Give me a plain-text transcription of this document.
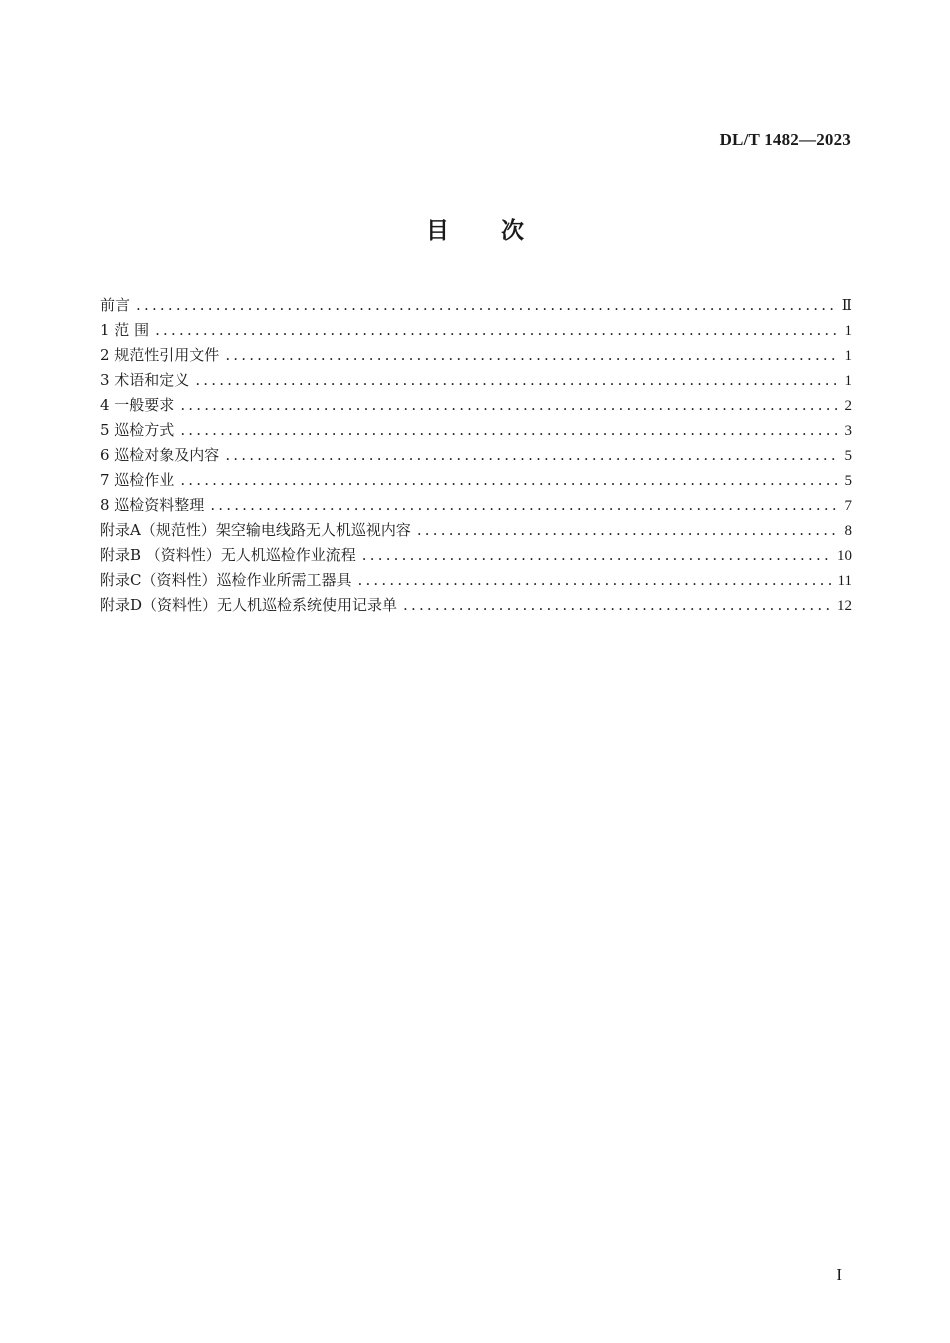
DL/T 1482—2023
目次
前言 .....	Ⅱ
1 范 围 .....	1
2 规范性引用文件 .....	1
3 术语和定义 .....	1
4 一般要求 .....	2
5 巡检方式 .....	3
6 巡检对象及内容 .....	5
7 巡检作业 .....	5
8 巡检资料整理 .....	7
附录A（规范性）架空输电线路无人机巡视内容 .....	8
附录B （资料性）无人机巡检作业流程 .....	10
附录C（资料性）巡检作业所需工器具 .....	11
附录D（资料性）无人机巡检系统使用记录单 .....	12
I
